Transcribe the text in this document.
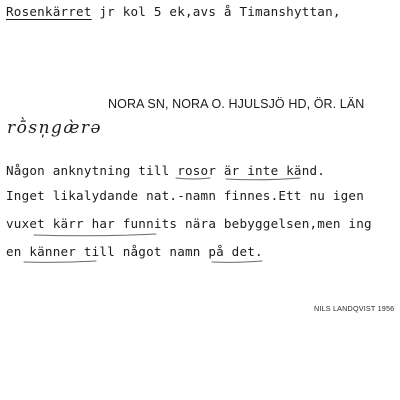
Rosenkärret jr kol 5 ek,avs å Timanshyttan,
NORA SN, NORA O. HJULSJÖ HD, ÖR. LÄN
rṑsn̩gæ̀rə
Någon anknytning till rosor är inte känd.
Inget likalydande nat.-namn finnes.Ett nu igen
vuxet kärr har funnits nära bebyggelsen,men ing
en känner till något namn på det.
NILS LANDQVIST 1956
